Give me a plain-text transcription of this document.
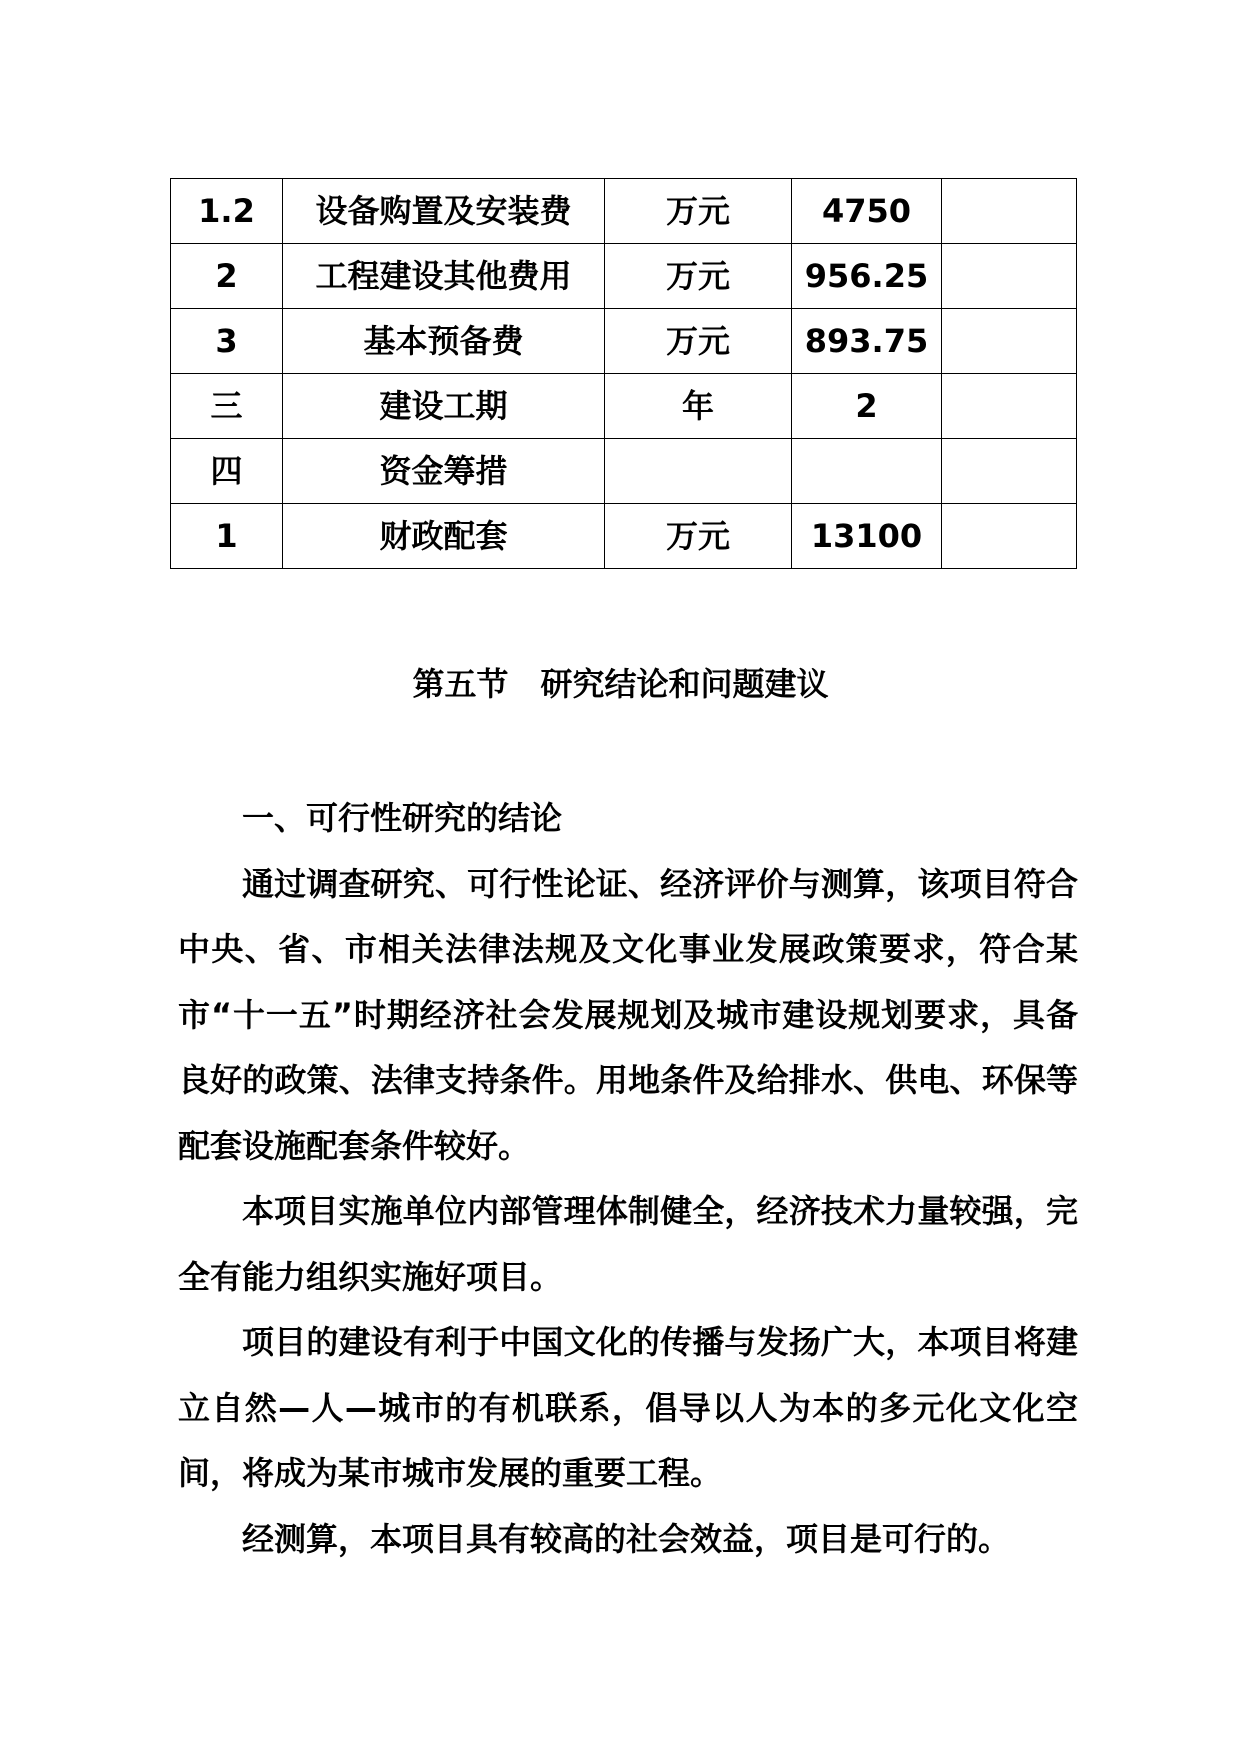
1.2	设备购置及安装费	万元	4750	
2	工程建设其他费用	万元	956.25	
3	基本预备费	万元	893.75	
三	建设工期	年	2	
四	资金筹措			
1	财政配套	万元	13100	
第五节　研究结论和问题建议

一、可行性研究的结论

通过调查研究、可行性论证、经济评价与测算，该项目符合中央、省、市相关法律法规及文化事业发展政策要求，符合某市“十一五”时期经济社会发展规划及城市建设规划要求，具备良好的政策、法律支持条件。用地条件及给排水、供电、环保等配套设施配套条件较好。

本项目实施单位内部管理体制健全，经济技术力量较强，完全有能力组织实施好项目。

项目的建设有利于中国文化的传播与发扬广大，本项目将建立自然—人—城市的有机联系，倡导以人为本的多元化文化空间，将成为某市城市发展的重要工程。

经测算，本项目具有较高的社会效益，项目是可行的。
